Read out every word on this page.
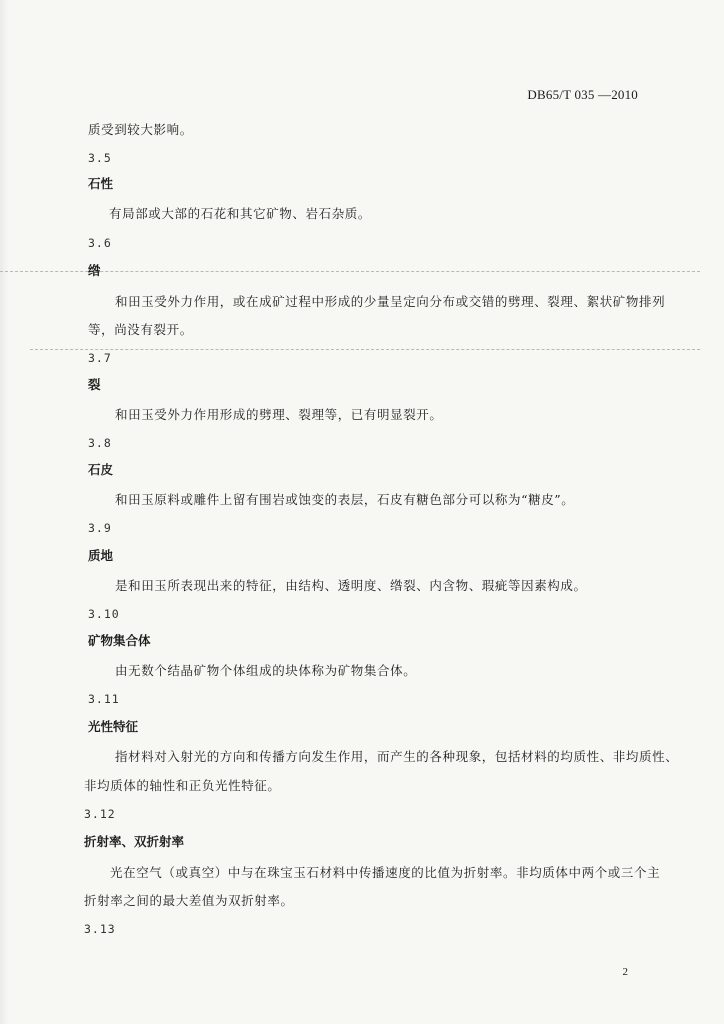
DB65/T 035 —2010
质受到较大影响。
3.5
石性
有局部或大部的石花和其它矿物、岩石杂质。
3.6
绺
和田玉受外力作用，或在成矿过程中形成的少量呈定向分布或交错的劈理、裂理、絮状矿物排列
等，尚没有裂开。
3.7
裂
和田玉受外力作用形成的劈理、裂理等，已有明显裂开。
3.8
石皮
和田玉原料或雕件上留有围岩或蚀变的表层，石皮有糖色部分可以称为“糖皮”。
3.9
质地
是和田玉所表现出来的特征，由结构、透明度、绺裂、内含物、瑕疵等因素构成。
3.10
矿物集合体
由无数个结晶矿物个体组成的块体称为矿物集合体。
3.11
光性特征
指材料对入射光的方向和传播方向发生作用，而产生的各种现象，包括材料的均质性、非均质性、
非均质体的轴性和正负光性特征。
3.12
折射率、双折射率
光在空气（或真空）中与在珠宝玉石材料中传播速度的比值为折射率。非均质体中两个或三个主
折射率之间的最大差值为双折射率。
3.13
2
